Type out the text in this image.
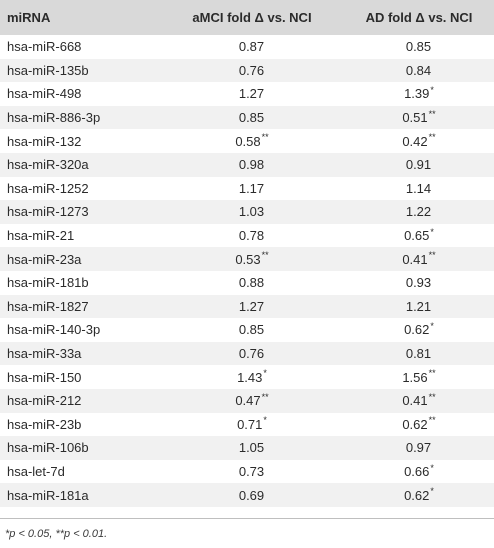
miRNA	aMCI fold Δ vs. NCI	AD fold Δ vs. NCI
hsa-miR-668	0.87	0.85
hsa-miR-135b	0.76	0.84
hsa-miR-498	1.27	1.39*
hsa-miR-886-3p	0.85	0.51**
hsa-miR-132	0.58**	0.42**
hsa-miR-320a	0.98	0.91
hsa-miR-1252	1.17	1.14
hsa-miR-1273	1.03	1.22
hsa-miR-21	0.78	0.65*
hsa-miR-23a	0.53**	0.41**
hsa-miR-181b	0.88	0.93
hsa-miR-1827	1.27	1.21
hsa-miR-140-3p	0.85	0.62*
hsa-miR-33a	0.76	0.81
hsa-miR-150	1.43*	1.56**
hsa-miR-212	0.47**	0.41**
hsa-miR-23b	0.71*	0.62**
hsa-miR-106b	1.05	0.97
hsa-let-7d	0.73	0.66*
hsa-miR-181a	0.69	0.62*
*p < 0.05, **p < 0.01.
